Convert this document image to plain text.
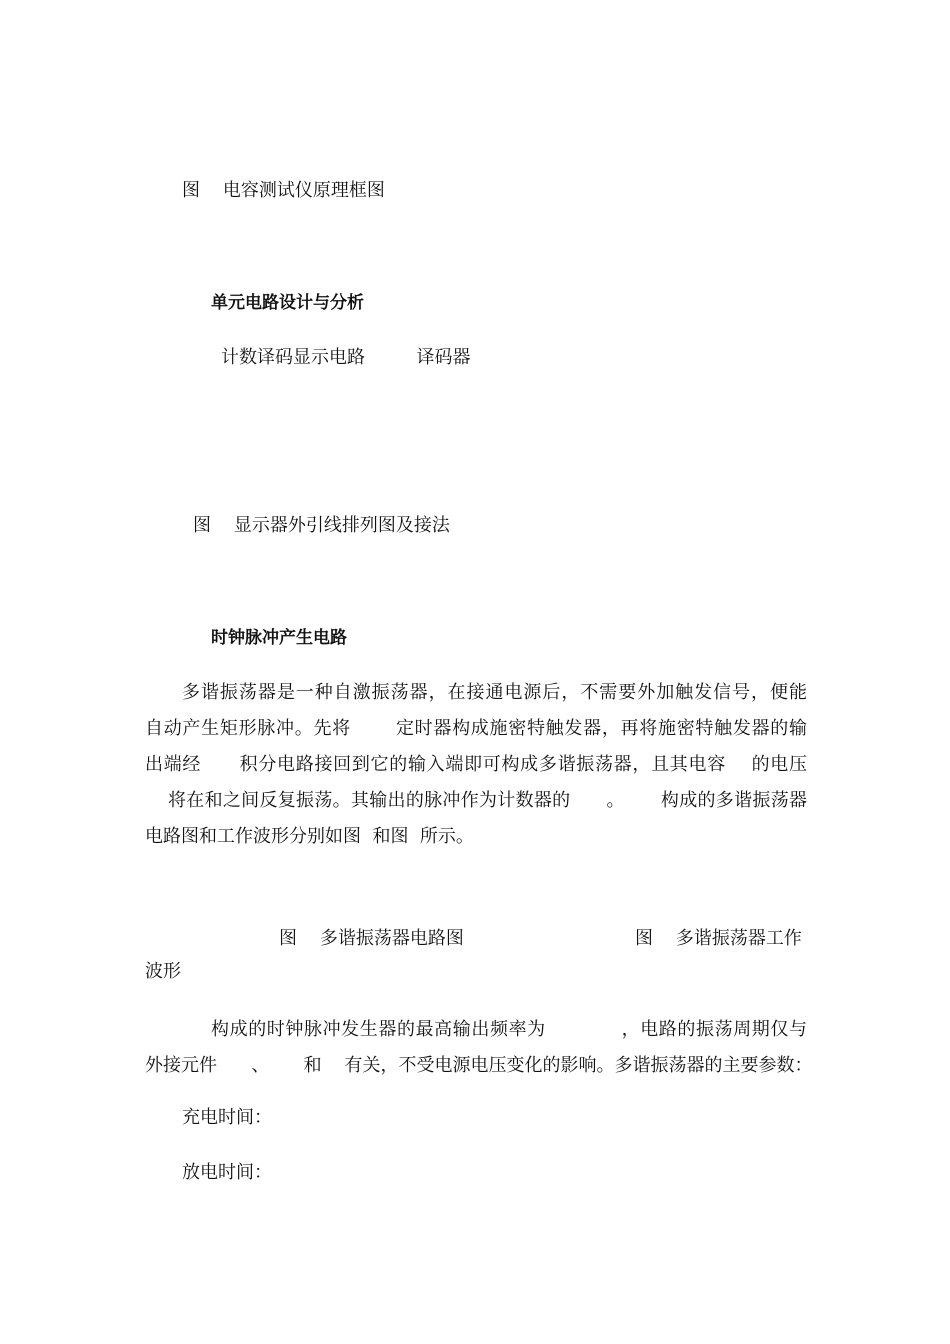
图    电容测试仪原理框图
单元电路设计与分析
计数译码显示电路         译码器
图    显示器外引线排列图及接法
时钟脉冲产生电路
多谐振荡器是一种自激振荡器，在接通电源后，不需要外加触发信号，便能
自动产生矩形脉冲。先将       定时器构成施密特触发器，再将施密特触发器的输
出端经      积分电路接回到它的输入端即可构成多谐振荡器，且其电容    的电压
将在和之间反复振荡。其输出的脉冲作为计数器的      。      构成的多谐振荡器
电路图和工作波形分别如图  和图  所示。
图    多谐振荡器电路图	图    多谐振荡器工作
波形
构成的时钟脉冲发生器的最高输出频率为            ，电路的振荡周期仅与
外接元件      、      和    有关，不受电源电压变化的影响。多谐振荡器的主要参数：
充电时间：
放电时间：
